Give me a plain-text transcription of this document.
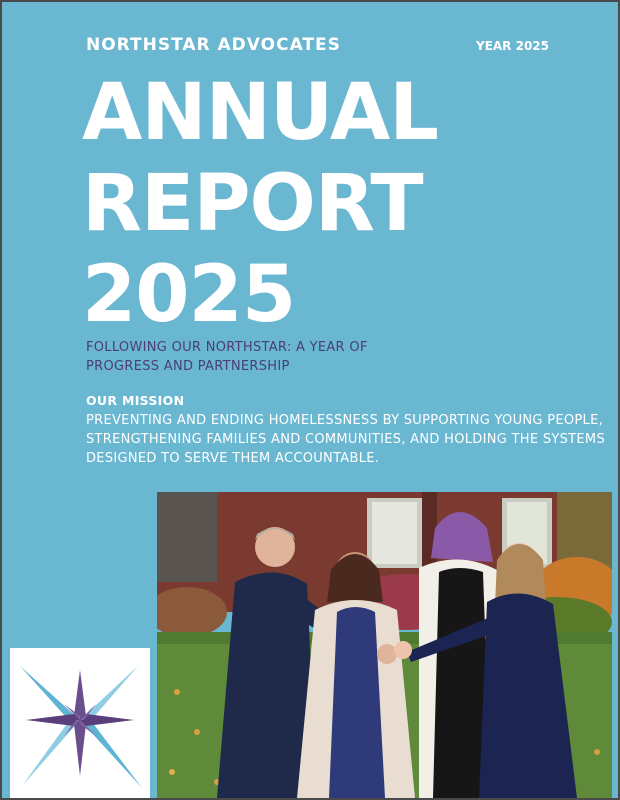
NORTHSTAR ADVOCATES	YEAR 2025
ANNUAL
REPORT
2025
FOLLOWING OUR NORTHSTAR: A YEAR OF PROGRESS AND PARTNERSHIP
OUR MISSION
PREVENTING AND ENDING HOMELESSNESS BY SUPPORTING YOUNG PEOPLE, STRENGTHENING FAMILIES AND COMMUNITIES, AND HOLDING THE SYSTEMS DESIGNED TO SERVE THEM ACCOUNTABLE.
